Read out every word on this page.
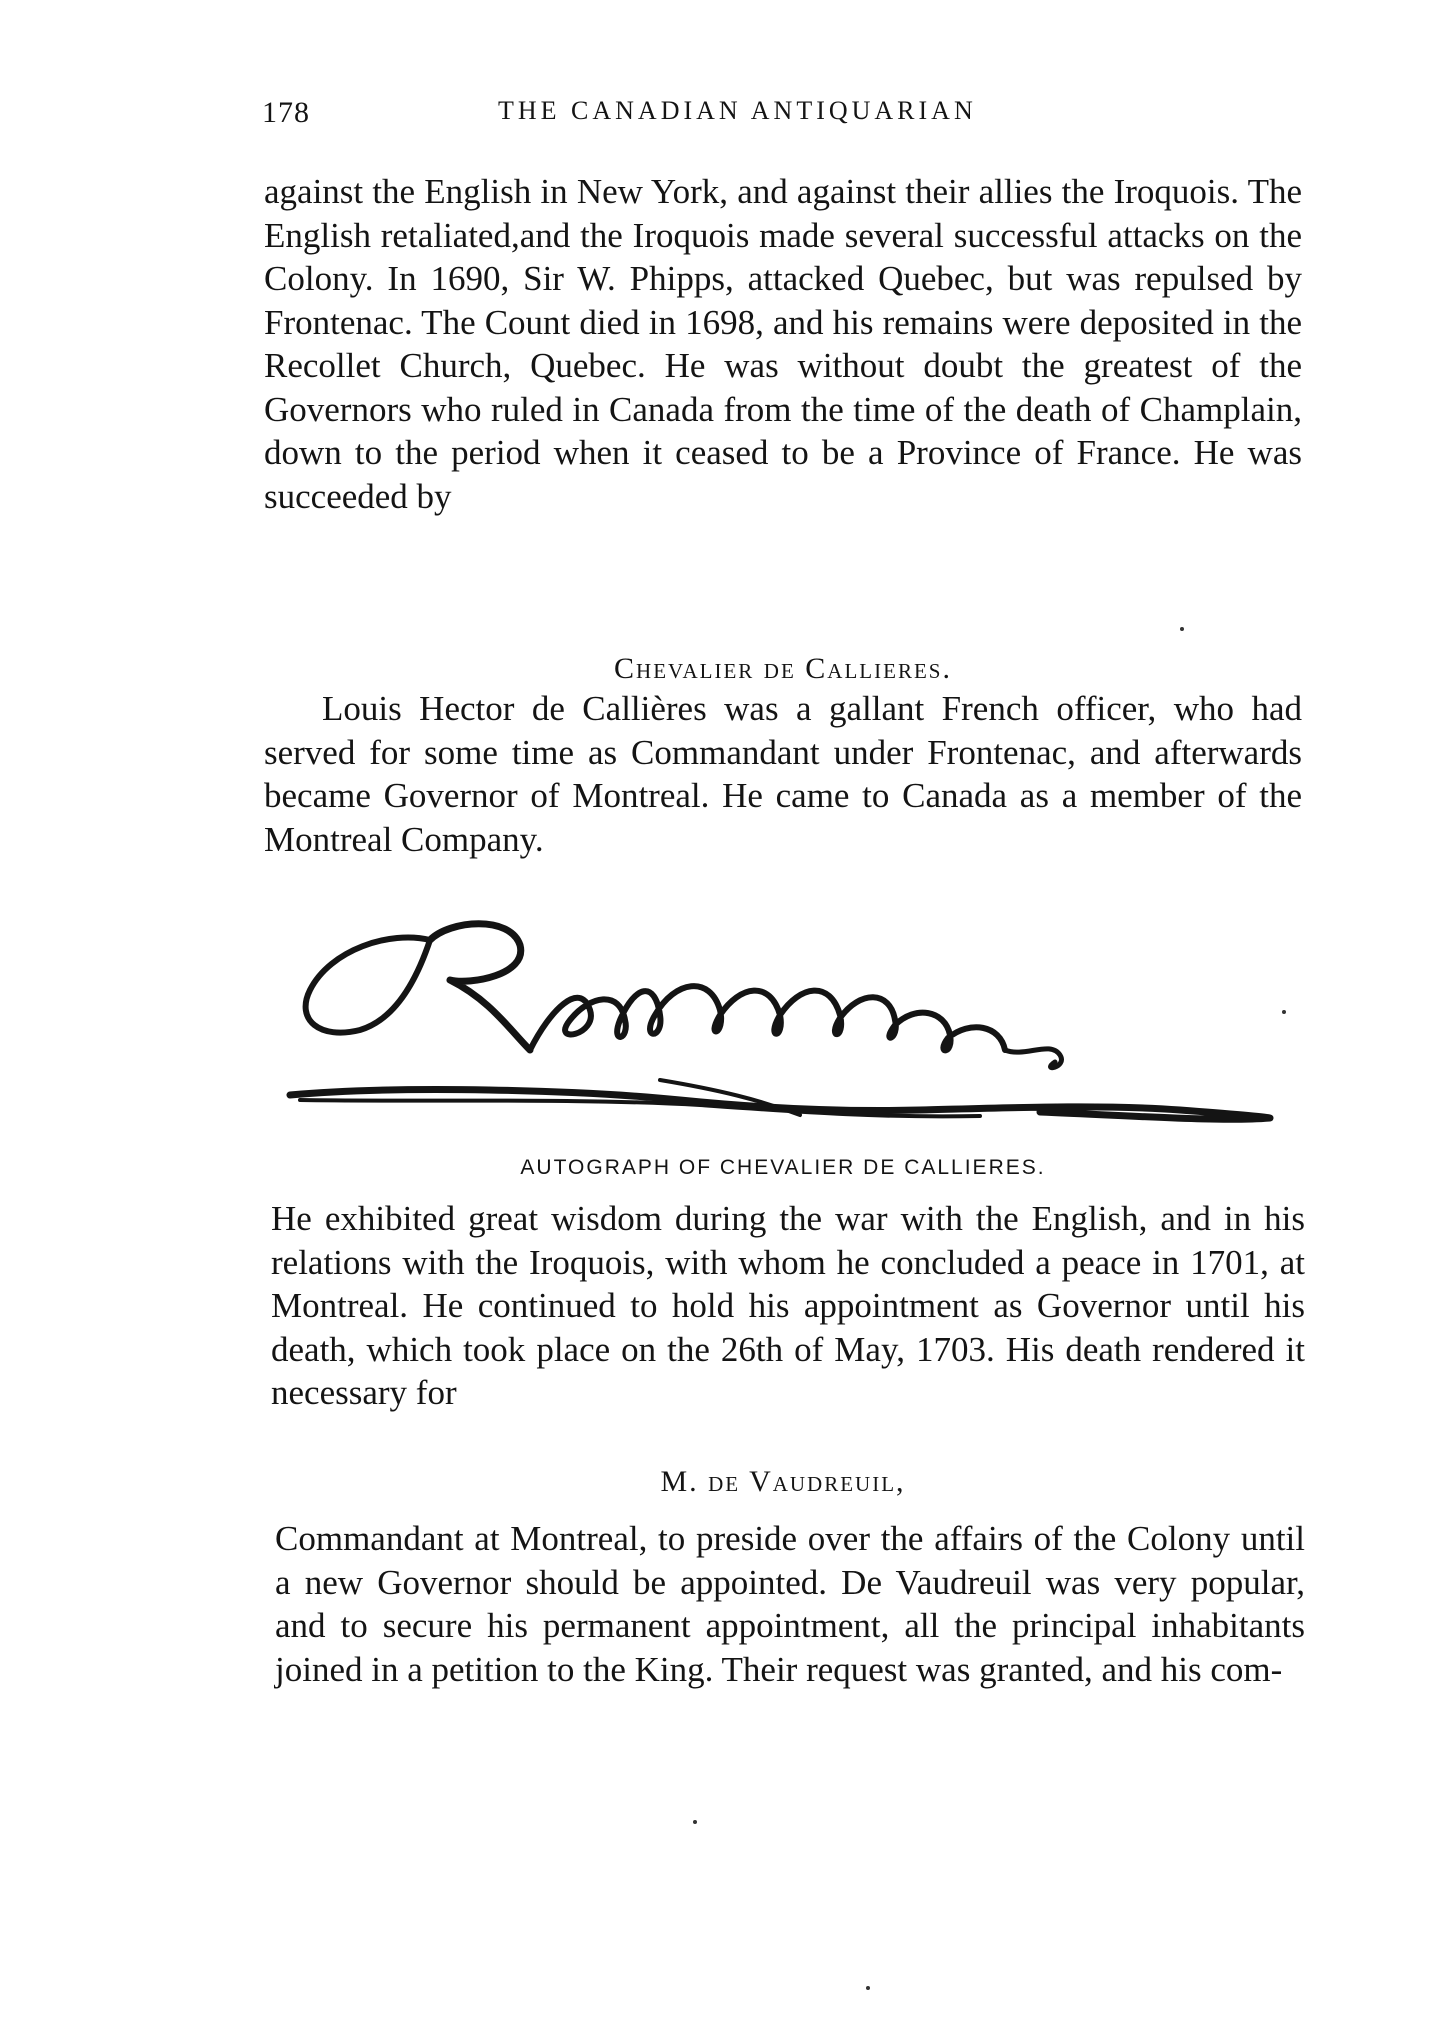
178	THE CANADIAN ANTIQUARIAN

against the English in New York, and against their allies the Iroquois. The English retaliated,and the Iroquois made several successful attacks on the Colony. In 1690, Sir W. Phipps, attacked Quebec, but was repulsed by Frontenac. The Count died in 1698, and his remains were deposited in the Recollet Church, Quebec. He was without doubt the greatest of the Governors who ruled in Canada from the time of the death of Champlain, down to the period when it ceased to be a Province of France. He was succeeded by

Chevalier de Callieres.

Louis Hector de Callières was a gallant French officer, who had served for some time as Commandant under Frontenac, and afterwards became Governor of Montreal. He came to Canada as a member of the Montreal Company.

AUTOGRAPH OF CHEVALIER DE CALLIERES.

He exhibited great wisdom during the war with the English, and in his relations with the Iroquois, with whom he concluded a peace in 1701, at Montreal. He continued to hold his appointment as Governor until his death, which took place on the 26th of May, 1703. His death rendered it necessary for

M. de Vaudreuil,

Commandant at Montreal, to preside over the affairs of the Colony until a new Governor should be appointed. De Vaudreuil was very popular, and to secure his permanent appointment, all the principal inhabitants joined in a petition to the King. Their request was granted, and his com-
